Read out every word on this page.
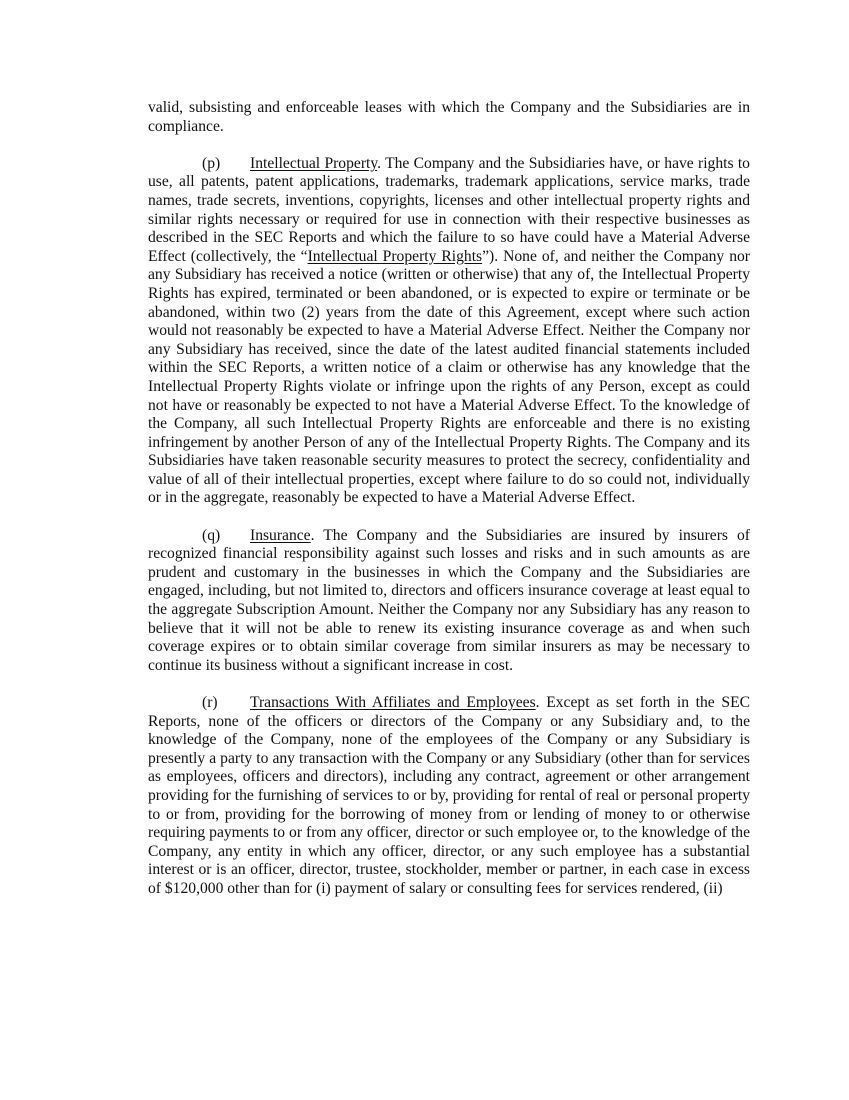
valid, subsisting and enforceable leases with which the Company and the Subsidiaries are in compliance.

(p) Intellectual Property. The Company and the Subsidiaries have, or have rights to use, all patents, patent applications, trademarks, trademark applications, service marks, trade names, trade secrets, inventions, copyrights, licenses and other intellectual property rights and similar rights necessary or required for use in connection with their respective businesses as described in the SEC Reports and which the failure to so have could have a Material Adverse Effect (collectively, the “Intellectual Property Rights”). None of, and neither the Company nor any Subsidiary has received a notice (written or otherwise) that any of, the Intellectual Property Rights has expired, terminated or been abandoned, or is expected to expire or terminate or be abandoned, within two (2) years from the date of this Agreement, except where such action would not reasonably be expected to have a Material Adverse Effect. Neither the Company nor any Subsidiary has received, since the date of the latest audited financial statements included within the SEC Reports, a written notice of a claim or otherwise has any knowledge that the Intellectual Property Rights violate or infringe upon the rights of any Person, except as could not have or reasonably be expected to not have a Material Adverse Effect. To the knowledge of the Company, all such Intellectual Property Rights are enforceable and there is no existing infringement by another Person of any of the Intellectual Property Rights. The Company and its Subsidiaries have taken reasonable security measures to protect the secrecy, confidentiality and value of all of their intellectual properties, except where failure to do so could not, individually or in the aggregate, reasonably be expected to have a Material Adverse Effect.

(q) Insurance. The Company and the Subsidiaries are insured by insurers of recognized financial responsibility against such losses and risks and in such amounts as are prudent and customary in the businesses in which the Company and the Subsidiaries are engaged, including, but not limited to, directors and officers insurance coverage at least equal to the aggregate Subscription Amount. Neither the Company nor any Subsidiary has any reason to believe that it will not be able to renew its existing insurance coverage as and when such coverage expires or to obtain similar coverage from similar insurers as may be necessary to continue its business without a significant increase in cost.

(r) Transactions With Affiliates and Employees. Except as set forth in the SEC Reports, none of the officers or directors of the Company or any Subsidiary and, to the knowledge of the Company, none of the employees of the Company or any Subsidiary is presently a party to any transaction with the Company or any Subsidiary (other than for services as employees, officers and directors), including any contract, agreement or other arrangement providing for the furnishing of services to or by, providing for rental of real or personal property to or from, providing for the borrowing of money from or lending of money to or otherwise requiring payments to or from any officer, director or such employee or, to the knowledge of the Company, any entity in which any officer, director, or any such employee has a substantial interest or is an officer, director, trustee, stockholder, member or partner, in each case in excess of $120,000 other than for (i) payment of salary or consulting fees for services rendered, (ii)
